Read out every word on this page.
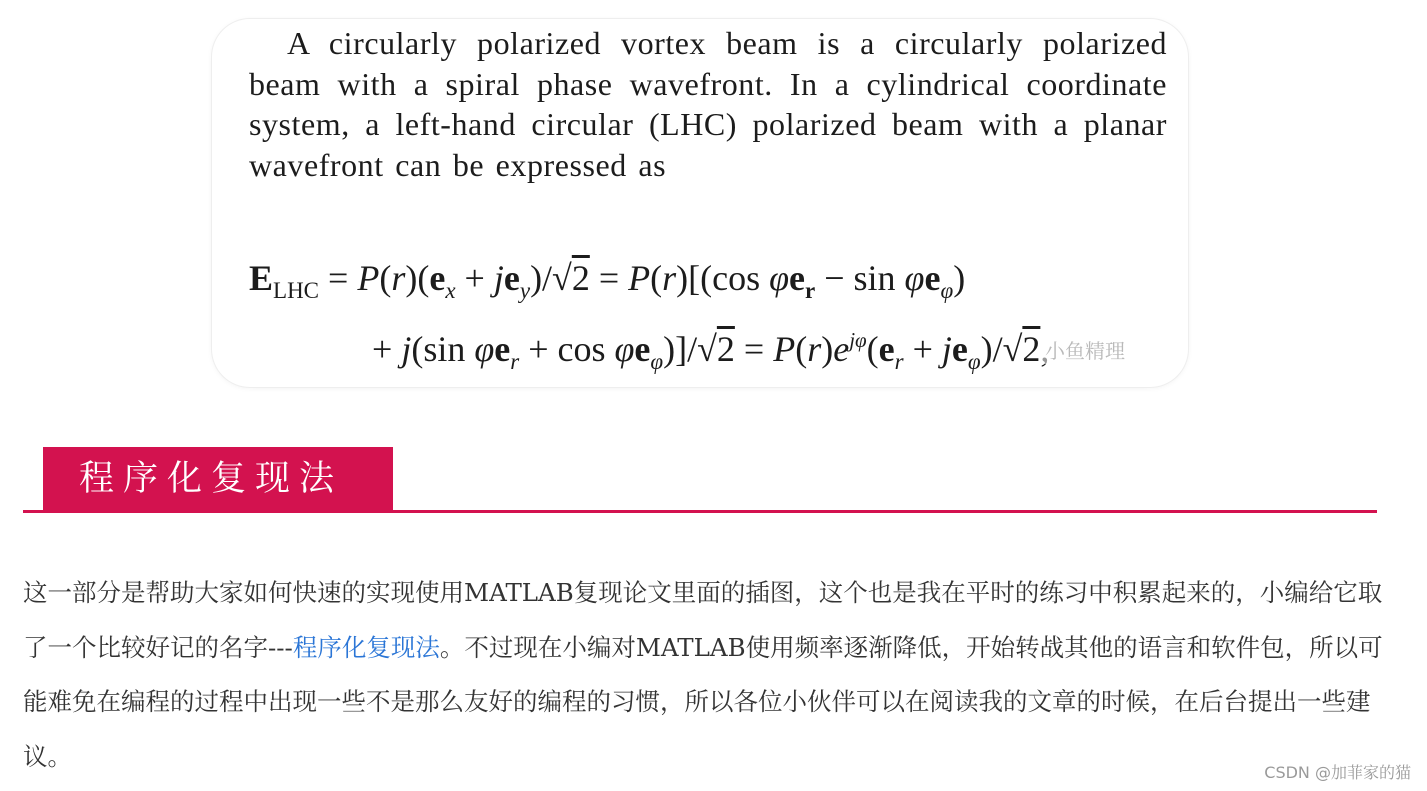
A circularly polarized vortex beam is a circularly polarized beam with a spiral phase wavefront. In a cylindrical coordinate system, a left-hand circular (LHC) polarized beam with a planar wavefront can be expressed as
$E_{LHC} = P(r)(e_x + je_y)/√2 = P(r)[(\cos$ $\varphi e_r - \sin \varphi e_\varphi$)
+ j(sin $\varphi e_r + \cos \varphi e_\varphi)]/√2 = P(r)e^{j\varphi}(e_r + je_\varphi)/√2$ 小鱼精理
程序化复现法

这一部分是帮助大家如何快速的实现使用MATLAB复现论文里面的插图，这个也是我在平时的练习中积累起来的，小编给它取了一个比较好记的名字---程序化复现法。不过现在小编对MATLAB使用频率逐渐降低，开始转战其他的语言和软件包，所以可能难免在编程的过程中出现一些不是那么友好的编程的习惯，所以各位小伙伴可以在阅读我的文章的时候，在后台提出一些建议。

CSDN @加菲家的猫
